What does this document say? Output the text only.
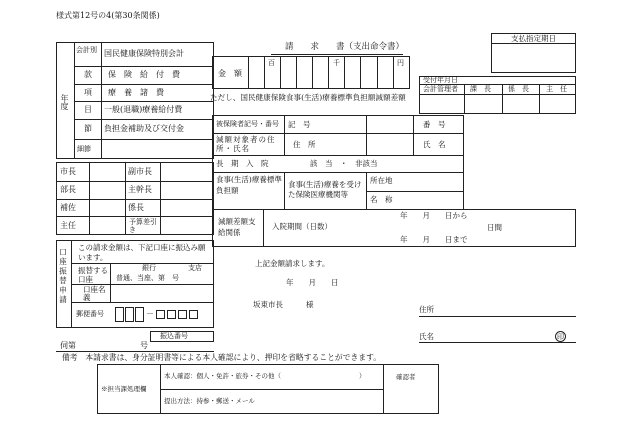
様式第12号の4(第30条関係)
年度
会計別 国民健康保険特別会計
款 保　険　給　付　費
項 療　養　諸　費
目 一般(退職)療養給付費
節 負担金補助及び交付金
細節
市長	副市長
部長	主幹長
補佐	係長
主任	予算差引き
口座振替申請
この請求金額は、下記口座に振込み願います。
振替する口座
銀行	支店
普通、当座、第　号
口座名義
郵便番号	－
振込番号
伺第	号
請　　求　　書（支出命令書）
支払指定期日
金　額
百	千	円
ただし、国民健康保険食事(生活)療養標準負担額減額差額
受付年月日
会計管理者 課　長 係　長 主　任
被保険者記号・番号 記　号	番　号
減額対象者の住所・氏名	住　所	氏　名
長　期　入　院	該　当　・　非該当
食事(生活)療養標準負担額
食事(生活)療養を受けた保険医療機関等
所在地
名　称
減額差額支給関係
入院期間（日数）
年　　月　　日から
年　　月　　日まで
日間
上記金額請求します。
年　　月　　日
坂東市長	様
住所
氏名	印
備考　本請求書は、身分証明書等による本人確認により、押印を省略することができます。
※担当課処理欄
本人確認：個人・免許・旅券・その他（　　　　　　　　　　　　）
提出方法：持参・郵送・メール
確認者
